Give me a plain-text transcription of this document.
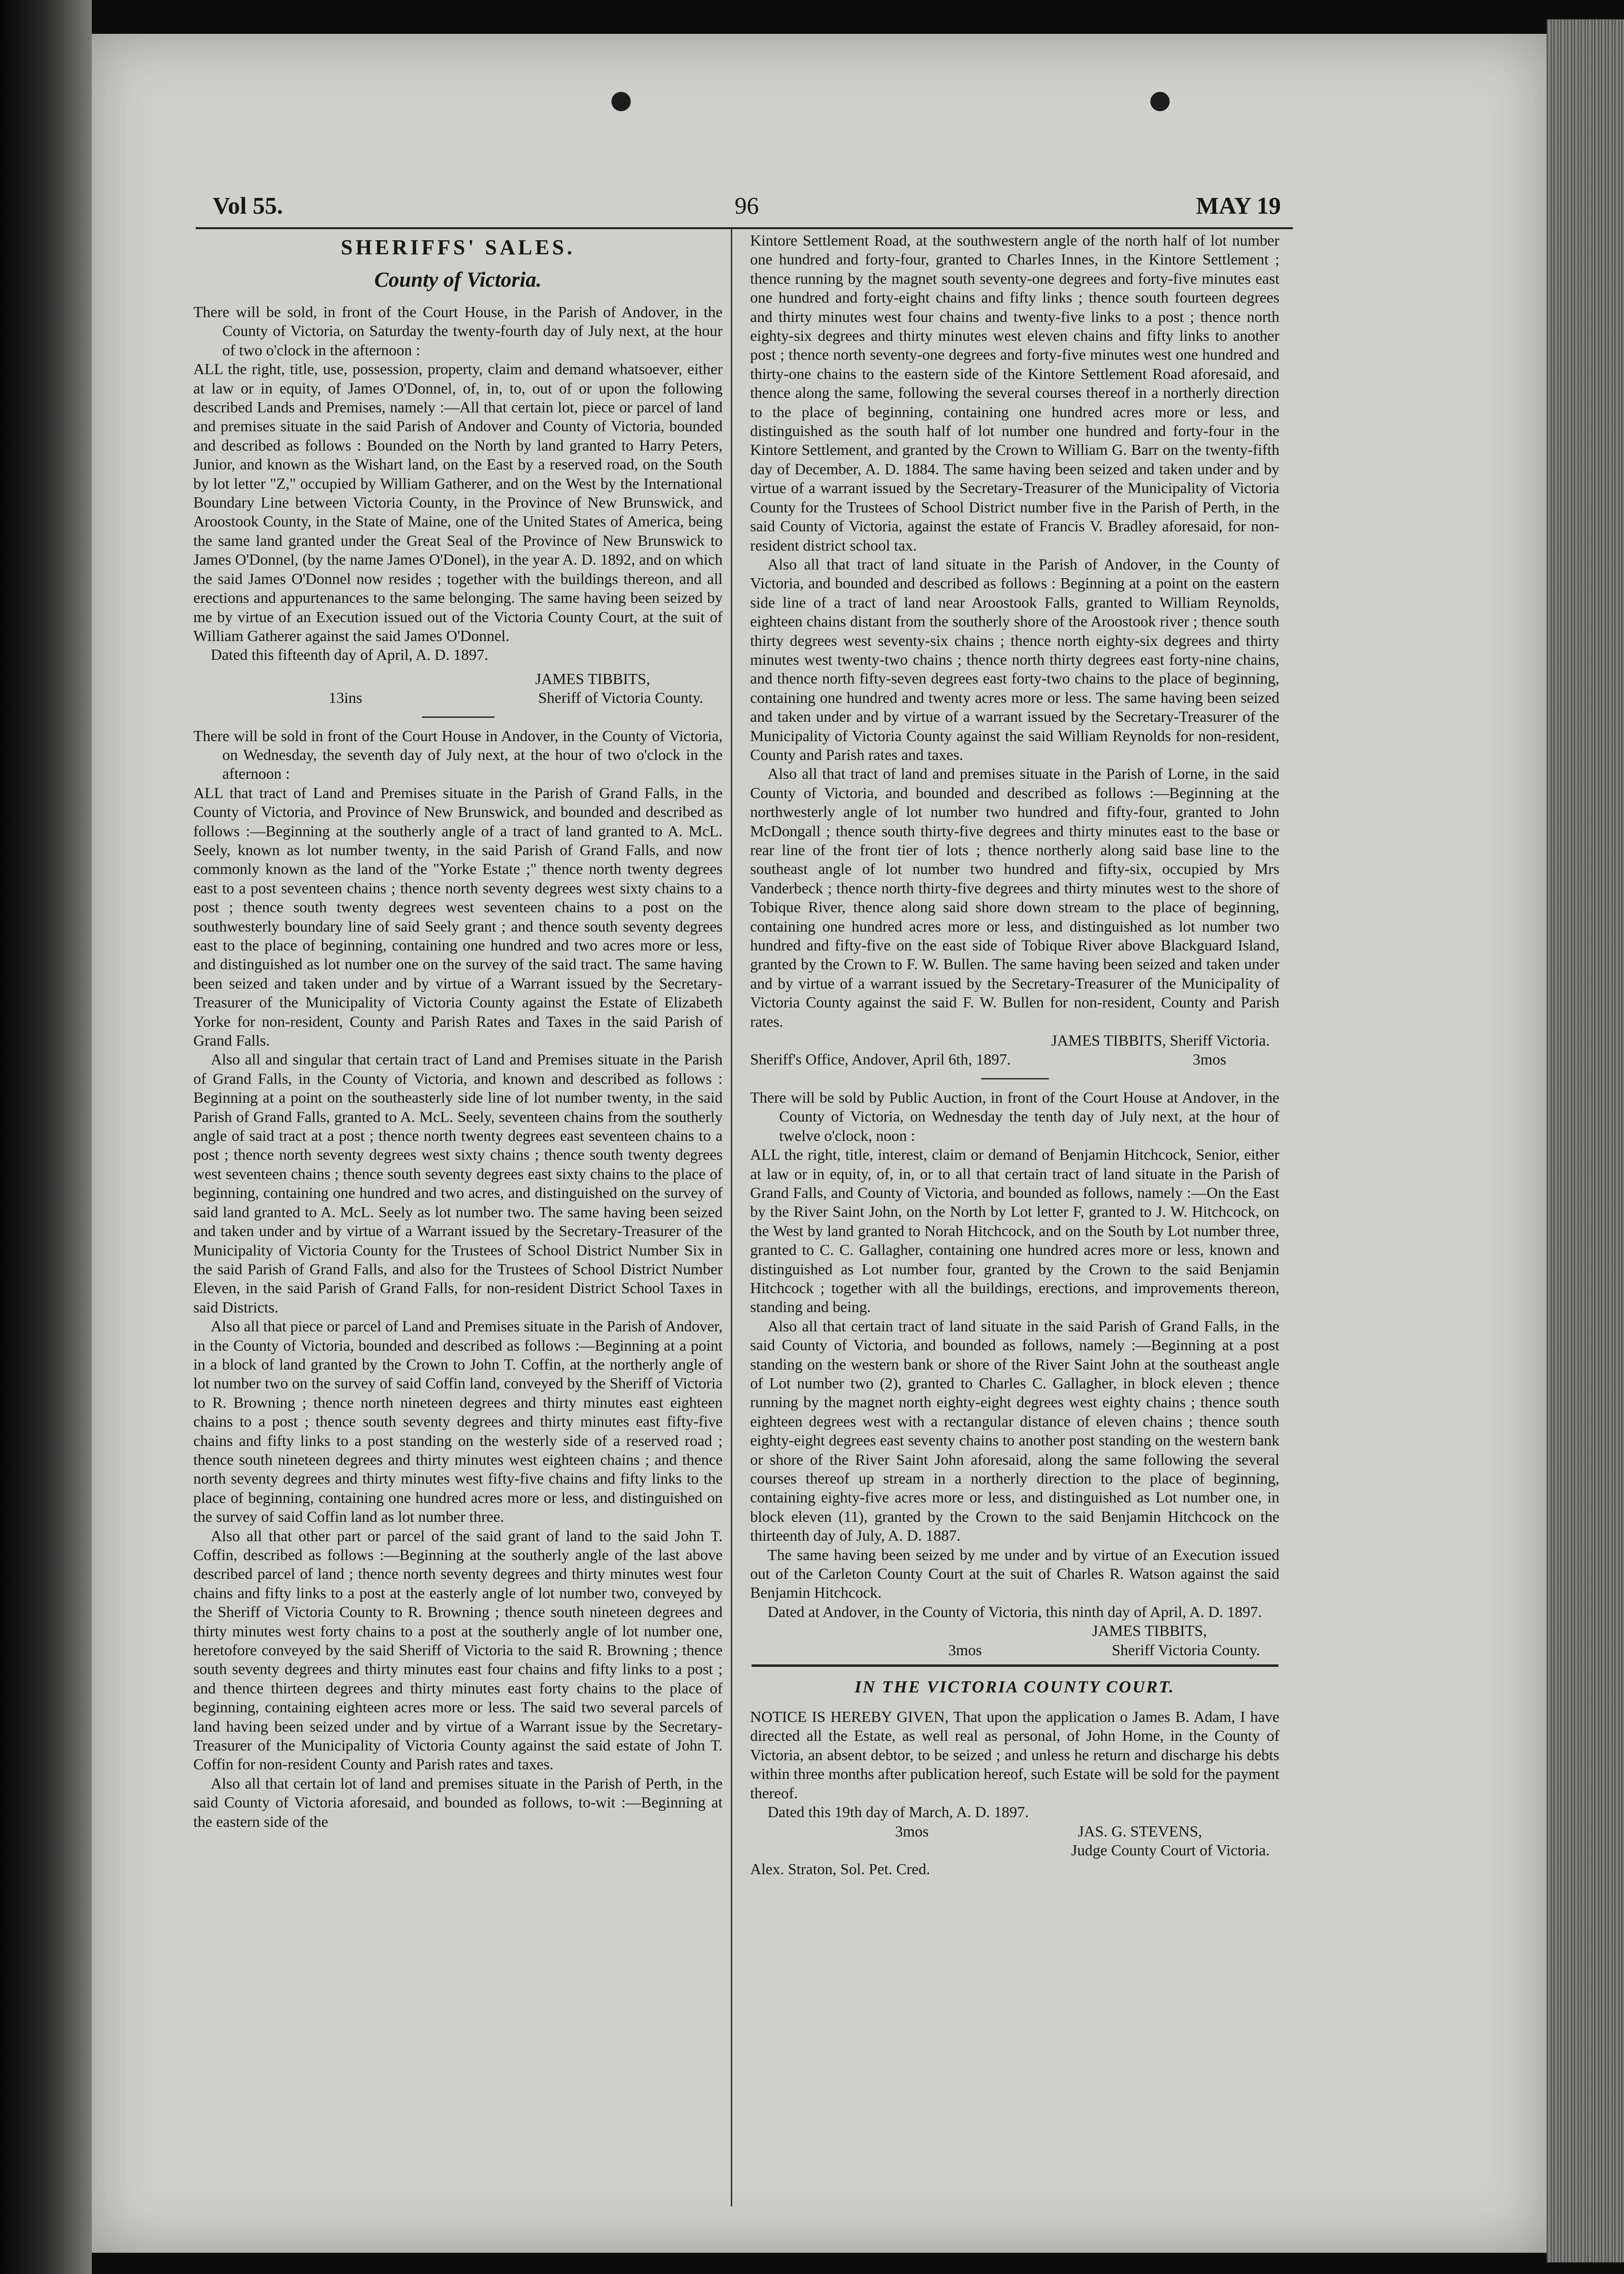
Vol 55.	96	MAY 19
SHERIFFS' SALES.
County of Victoria.

There will be sold, in front of the Court House, in the Parish of Andover, in the County of Victoria, on Saturday the twenty-fourth day of July next, at the hour of two o'clock in the afternoon :

ALL the right, title, use, possession, property, claim and demand whatsoever, either at law or in equity, of James O'Donnel, of, in, to, out of or upon the following described Lands and Premises, namely :—All that certain lot, piece or parcel of land and premises situate in the said Parish of Andover and County of Victoria, bounded and described as follows : Bounded on the North by land granted to Harry Peters, Junior, and known as the Wishart land, on the East by a reserved road, on the South by lot letter "Z," occupied by William Gatherer, and on the West by the International Boundary Line between Victoria County, in the Province of New Brunswick, and Aroostook County, in the State of Maine, one of the United States of America, being the same land granted under the Great Seal of the Province of New Brunswick to James O'Donnel, (by the name James O'Donel), in the year A. D. 1892, and on which the said James O'Donnel now resides ; together with the buildings thereon, and all erections and appurtenances to the same belonging. The same having been seized by me by virtue of an Execution issued out of the Victoria County Court, at the suit of William Gatherer against the said James O'Donnel.

Dated this fifteenth day of April, A. D. 1897.

JAMES TIBBITS,

13ins	Sheriff of Victoria County.

There will be sold in front of the Court House in Andover, in the County of Victoria, on Wednesday, the seventh day of July next, at the hour of two o'clock in the afternoon :

ALL that tract of Land and Premises situate in the Parish of Grand Falls, in the County of Victoria, and Province of New Brunswick, and bounded and described as follows :—Beginning at the southerly angle of a tract of land granted to A. McL. Seely, known as lot number twenty, in the said Parish of Grand Falls, and now commonly known as the land of the "Yorke Estate ;" thence north twenty degrees east to a post seventeen chains ; thence north seventy degrees west sixty chains to a post ; thence south twenty degrees west seventeen chains to a post on the southwesterly boundary line of said Seely grant ; and thence south seventy degrees east to the place of beginning, containing one hundred and two acres more or less, and distinguished as lot number one on the survey of the said tract. The same having been seized and taken under and by virtue of a Warrant issued by the Secretary-Treasurer of the Municipality of Victoria County against the Estate of Elizabeth Yorke for non-resident, County and Parish Rates and Taxes in the said Parish of Grand Falls.

Also all and singular that certain tract of Land and Premises situate in the Parish of Grand Falls, in the County of Victoria, and known and described as follows : Beginning at a point on the southeasterly side line of lot number twenty, in the said Parish of Grand Falls, granted to A. McL. Seely, seventeen chains from the southerly angle of said tract at a post ; thence north twenty degrees east seventeen chains to a post ; thence north seventy degrees west sixty chains ; thence south twenty degrees west seventeen chains ; thence south seventy degrees east sixty chains to the place of beginning, containing one hundred and two acres, and distinguished on the survey of said land granted to A. McL. Seely as lot number two. The same having been seized and taken under and by virtue of a Warrant issued by the Secretary-Treasurer of the Municipality of Victoria County for the Trustees of School District Number Six in the said Parish of Grand Falls, and also for the Trustees of School District Number Eleven, in the said Parish of Grand Falls, for non-resident District School Taxes in said Districts.

Also all that piece or parcel of Land and Premises situate in the Parish of Andover, in the County of Victoria, bounded and described as follows :—Beginning at a point in a block of land granted by the Crown to John T. Coffin, at the northerly angle of lot number two on the survey of said Coffin land, conveyed by the Sheriff of Victoria to R. Browning ; thence north nineteen degrees and thirty minutes east eighteen chains to a post ; thence south seventy degrees and thirty minutes east fifty-five chains and fifty links to a post standing on the westerly side of a reserved road ; thence south nineteen degrees and thirty minutes west eighteen chains ; and thence north seventy degrees and thirty minutes west fifty-five chains and fifty links to the place of beginning, containing one hundred acres more or less, and distinguished on the survey of said Coffin land as lot number three.

Also all that other part or parcel of the said grant of land to the said John T. Coffin, described as follows :—Beginning at the southerly angle of the last above described parcel of land ; thence north seventy degrees and thirty minutes west four chains and fifty links to a post at the easterly angle of lot number two, conveyed by the Sheriff of Victoria County to R. Browning ; thence south nineteen degrees and thirty minutes west forty chains to a post at the southerly angle of lot number one, heretofore conveyed by the said Sheriff of Victoria to the said R. Browning ; thence south seventy degrees and thirty minutes east four chains and fifty links to a post ; and thence thirteen degrees and thirty minutes east forty chains to the place of beginning, containing eighteen acres more or less. The said two several parcels of land having been seized under and by virtue of a Warrant issue by the Secretary-Treasurer of the Municipality of Victoria County against the said estate of John T. Coffin for non-resident County and Parish rates and taxes.

Also all that certain lot of land and premises situate in the Parish of Perth, in the said County of Victoria aforesaid, and bounded as follows, to-wit :—Beginning at the eastern side of the

Kintore Settlement Road, at the southwestern angle of the north half of lot number one hundred and forty-four, granted to Charles Innes, in the Kintore Settlement ; thence running by the magnet south seventy-one degrees and forty-five minutes east one hundred and forty-eight chains and fifty links ; thence south fourteen degrees and thirty minutes west four chains and twenty-five links to a post ; thence north eighty-six degrees and thirty minutes west eleven chains and fifty links to another post ; thence north seventy-one degrees and forty-five minutes west one hundred and thirty-one chains to the eastern side of the Kintore Settlement Road aforesaid, and thence along the same, following the several courses thereof in a northerly direction to the place of beginning, containing one hundred acres more or less, and distinguished as the south half of lot number one hundred and forty-four in the Kintore Settlement, and granted by the Crown to William G. Barr on the twenty-fifth day of December, A. D. 1884. The same having been seized and taken under and by virtue of a warrant issued by the Secretary-Treasurer of the Municipality of Victoria County for the Trustees of School District number five in the Parish of Perth, in the said County of Victoria, against the estate of Francis V. Bradley aforesaid, for non-resident district school tax.

Also all that tract of land situate in the Parish of Andover, in the County of Victoria, and bounded and described as follows : Beginning at a point on the eastern side line of a tract of land near Aroostook Falls, granted to William Reynolds, eighteen chains distant from the southerly shore of the Aroostook river ; thence south thirty degrees west seventy-six chains ; thence north eighty-six degrees and thirty minutes west twenty-two chains ; thence north thirty degrees east forty-nine chains, and thence north fifty-seven degrees east forty-two chains to the place of beginning, containing one hundred and twenty acres more or less. The same having been seized and taken under and by virtue of a warrant issued by the Secretary-Treasurer of the Municipality of Victoria County against the said William Reynolds for non-resident, County and Parish rates and taxes.

Also all that tract of land and premises situate in the Parish of Lorne, in the said County of Victoria, and bounded and described as follows :—Beginning at the northwesterly angle of lot number two hundred and fifty-four, granted to John McDongall ; thence south thirty-five degrees and thirty minutes east to the base or rear line of the front tier of lots ; thence northerly along said base line to the southeast angle of lot number two hundred and fifty-six, occupied by Mrs Vanderbeck ; thence north thirty-five degrees and thirty minutes west to the shore of Tobique River, thence along said shore down stream to the place of beginning, containing one hundred acres more or less, and distinguished as lot number two hundred and fifty-five on the east side of Tobique River above Blackguard Island, granted by the Crown to F. W. Bullen. The same having been seized and taken under and by virtue of a warrant issued by the Secretary-Treasurer of the Municipality of Victoria County against the said F. W. Bullen for non-resident, County and Parish rates.

JAMES TIBBITS, Sheriff Victoria.

Sheriff's Office, Andover, April 6th, 1897.	3mos

There will be sold by Public Auction, in front of the Court House at Andover, in the County of Victoria, on Wednesday the tenth day of July next, at the hour of twelve o'clock, noon :

ALL the right, title, interest, claim or demand of Benjamin Hitchcock, Senior, either at law or in equity, of, in, or to all that certain tract of land situate in the Parish of Grand Falls, and County of Victoria, and bounded as follows, namely :—On the East by the River Saint John, on the North by Lot letter F, granted to J. W. Hitchcock, on the West by land granted to Norah Hitchcock, and on the South by Lot number three, granted to C. C. Gallagher, containing one hundred acres more or less, known and distinguished as Lot number four, granted by the Crown to the said Benjamin Hitchcock ; together with all the buildings, erections, and improvements thereon, standing and being.

Also all that certain tract of land situate in the said Parish of Grand Falls, in the said County of Victoria, and bounded as follows, namely :—Beginning at a post standing on the western bank or shore of the River Saint John at the southeast angle of Lot number two (2), granted to Charles C. Gallagher, in block eleven ; thence running by the magnet north eighty-eight degrees west eighty chains ; thence south eighteen degrees west with a rectangular distance of eleven chains ; thence south eighty-eight degrees east seventy chains to another post standing on the western bank or shore of the River Saint John aforesaid, along the same following the several courses thereof up stream in a northerly direction to the place of beginning, containing eighty-five acres more or less, and distinguished as Lot number one, in block eleven (11), granted by the Crown to the said Benjamin Hitchcock on the thirteenth day of July, A. D. 1887.

The same having been seized by me under and by virtue of an Execution issued out of the Carleton County Court at the suit of Charles R. Watson against the said Benjamin Hitchcock.

Dated at Andover, in the County of Victoria, this ninth day of April, A. D. 1897.

JAMES TIBBITS,

3mos	Sheriff Victoria County.

IN THE VICTORIA COUNTY COURT.

NOTICE IS HEREBY GIVEN, That upon the application o James B. Adam, I have directed all the Estate, as well real as personal, of John Home, in the County of Victoria, an absent debtor, to be seized ; and unless he return and discharge his debts within three months after publication hereof, such Estate will be sold for the payment thereof.

Dated this 19th day of March, A. D. 1897.

3mos	JAS. G. STEVENS,

Judge County Court of Victoria.

Alex. Straton, Sol. Pet. Cred.
